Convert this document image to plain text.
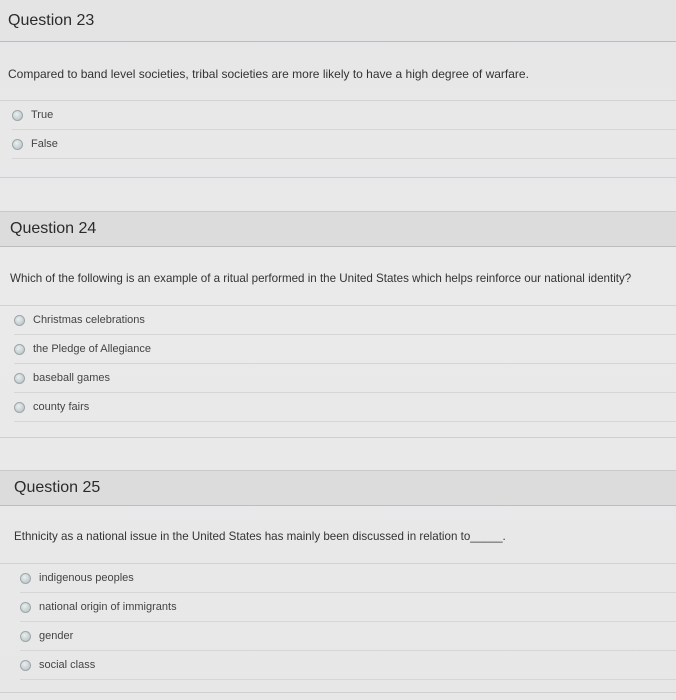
Question 23
Compared to band level societies, tribal societies are more likely to have a high degree of warfare.
True
False
Question 24
Which of the following is an example of a ritual performed in the United States which helps reinforce our national identity?
Christmas celebrations
the Pledge of Allegiance
baseball games
county fairs
Question 25
Ethnicity as a national issue in the United States has mainly been discussed in relation to_____.
indigenous peoples
national origin of immigrants
gender
social class
